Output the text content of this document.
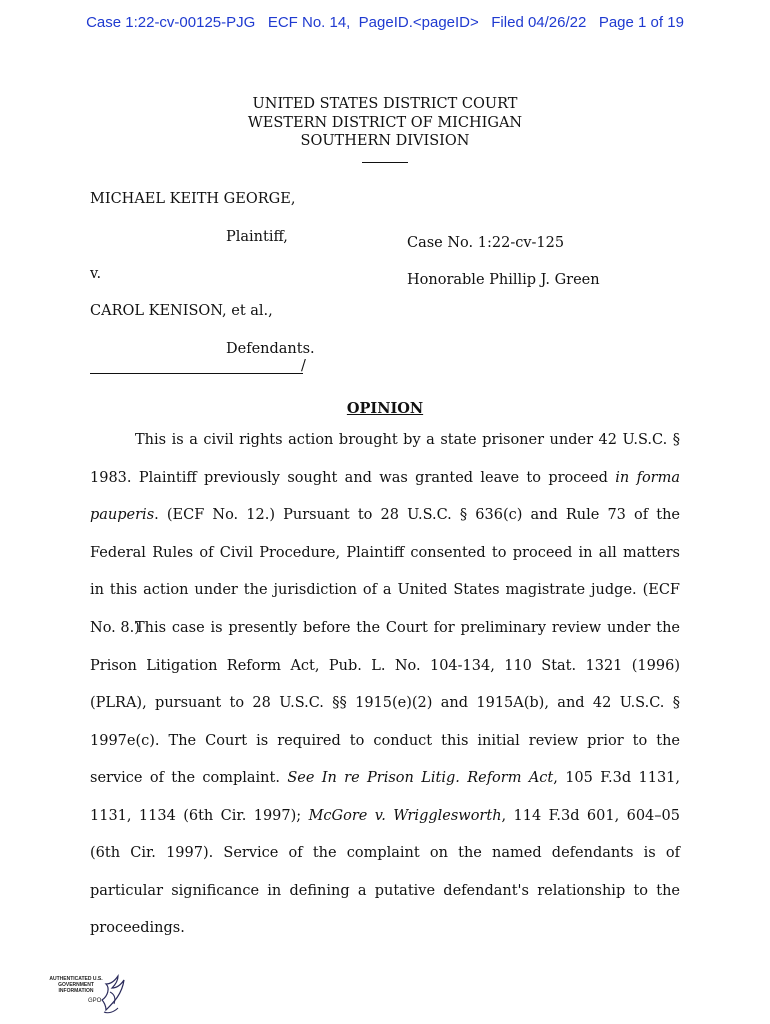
Case 1:22-cv-00125-PJG   ECF No. 14,  PageID.<pageID>   Filed 04/26/22   Page 1 of 19
UNITED STATES DISTRICT COURT
WESTERN DISTRICT OF MICHIGAN
SOUTHERN DIVISION
MICHAEL KEITH GEORGE,
Plaintiff,	Case No. 1:22-cv-125
v.	Honorable Phillip J. Green
CAROL KENISON, et al.,
Defendants.
/
OPINION

This is a civil rights action brought by a state prisoner under 42 U.S.C. § 1983. Plaintiff previously sought and was granted leave to proceed in forma pauperis. (ECF No. 12.) Pursuant to 28 U.S.C. § 636(c) and Rule 73 of the Federal Rules of Civil Procedure, Plaintiff consented to proceed in all matters in this action under the jurisdiction of a United States magistrate judge. (ECF No. 8.)

This case is presently before the Court for preliminary review under the Prison Litigation Reform Act, Pub. L. No. 104-134, 110 Stat. 1321 (1996) (PLRA), pursuant to 28 U.S.C. §§ 1915(e)(2) and 1915A(b), and 42 U.S.C. § 1997e(c). The Court is required to conduct this initial review prior to the service of the complaint. See In re Prison Litig. Reform Act, 105 F.3d 1131, 1131, 1134 (6th Cir. 1997); McGore v. Wrigglesworth, 114 F.3d 601, 604–05 (6th Cir. 1997). Service of the complaint on the named defendants is of particular significance in defining a putative defendant's relationship to the proceedings.

AUTHENTICATED U.S. GOVERNMENT INFORMATION
GPO
